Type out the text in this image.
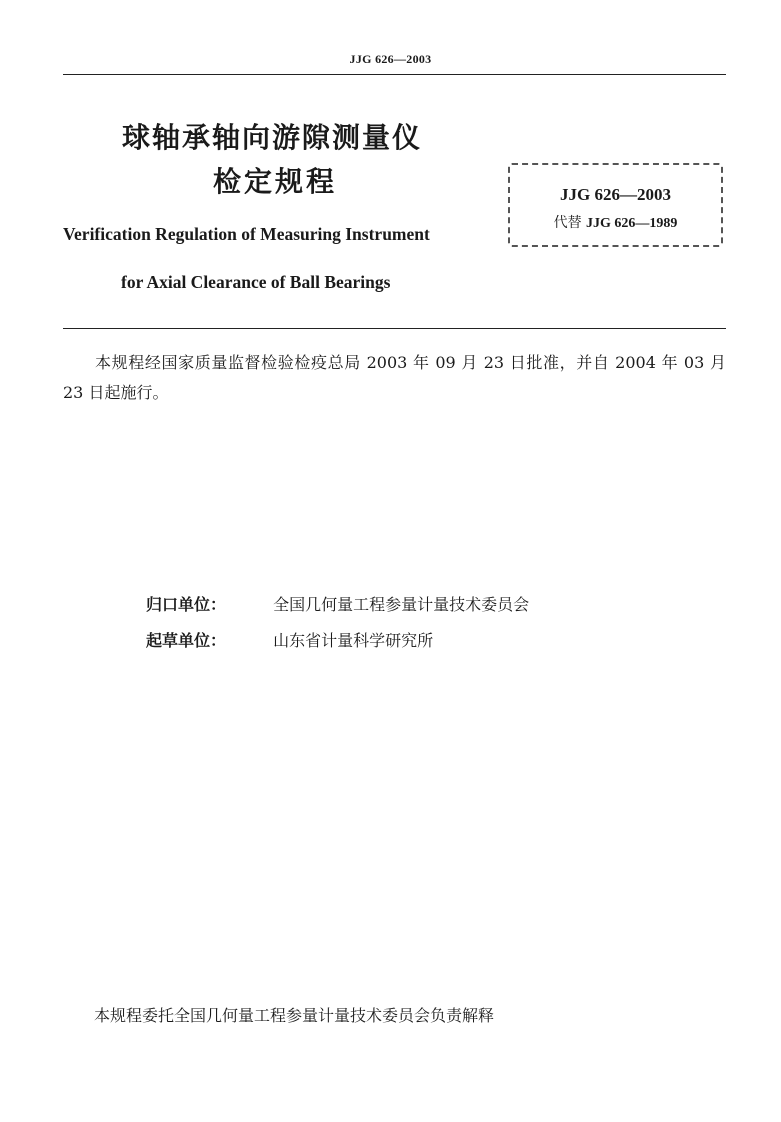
JJG 626—2003
球轴承轴向游隙测量仪
检定规程
Verification Regulation of Measuring Instrument
for Axial Clearance of Ball Bearings
JJG 626—2003
代替 JJG 626—1989
本规程经国家质量监督检验检疫总局 2003 年 09 月 23 日批准，并自 2004 年 03 月 23 日起施行。
归口单位：	全国几何量工程参量计量技术委员会
起草单位：	山东省计量科学研究所
本规程委托全国几何量工程参量计量技术委员会负责解释
